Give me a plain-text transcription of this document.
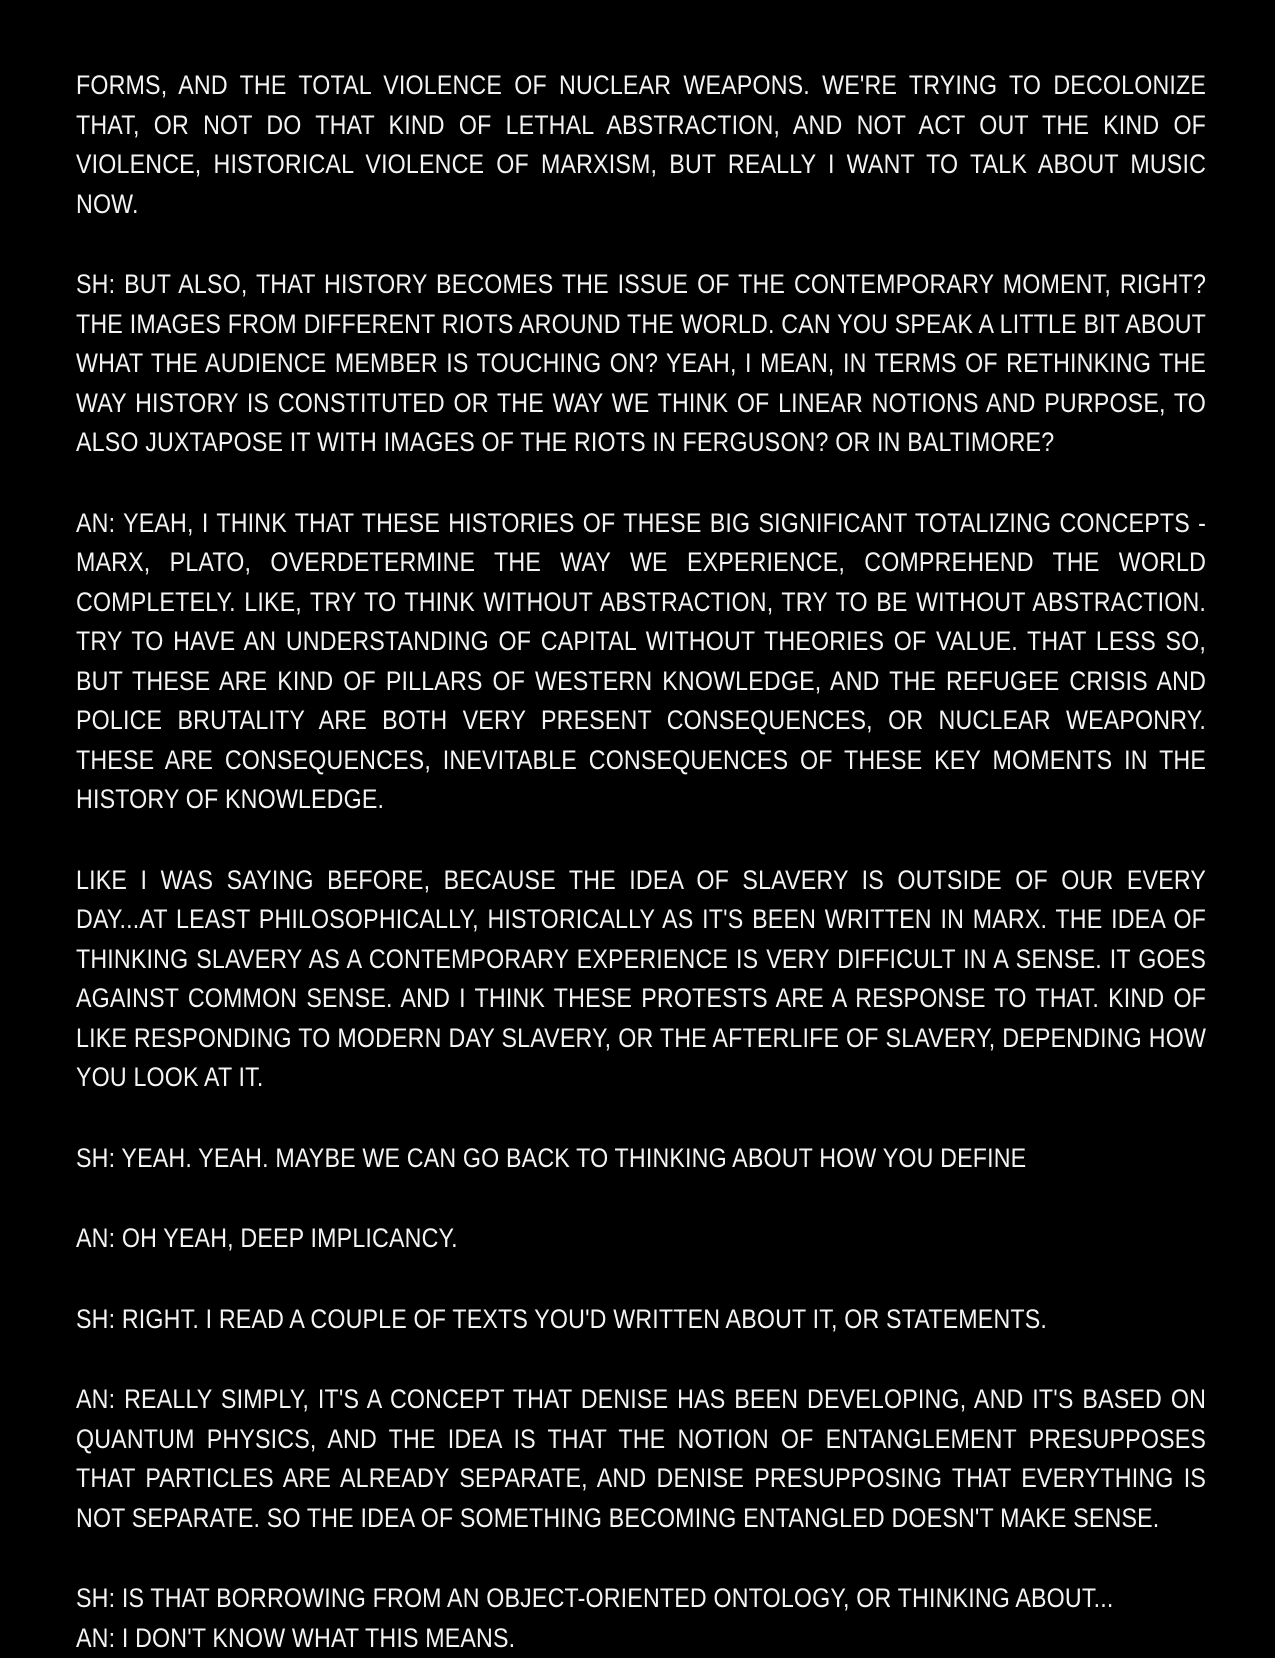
FORMS, AND THE TOTAL VIOLENCE OF NUCLEAR WEAPONS. WE'RE TRYING TO DECOLONIZE THAT, OR NOT DO THAT KIND OF LETHAL ABSTRACTION, AND NOT ACT OUT THE KIND OF VIOLENCE, HISTORICAL VIOLENCE OF MARXISM, BUT REALLY I WANT TO TALK ABOUT MUSIC NOW.

SH: BUT ALSO, THAT HISTORY BECOMES THE ISSUE OF THE CONTEMPORARY MOMENT, RIGHT? THE IMAGES FROM DIFFERENT RIOTS AROUND THE WORLD. CAN YOU SPEAK A LITTLE BIT ABOUT WHAT THE AUDIENCE MEMBER IS TOUCHING ON? YEAH, I MEAN, IN TERMS OF RETHINKING THE WAY HISTORY IS CONSTITUTED OR THE WAY WE THINK OF LINEAR NOTIONS AND PURPOSE, TO ALSO JUXTAPOSE IT WITH IMAGES OF THE RIOTS IN FERGUSON? OR IN BALTIMORE?

AN: YEAH, I THINK THAT THESE HISTORIES OF THESE BIG SIGNIFICANT TOTALIZING CONCEPTS - MARX, PLATO, OVERDETERMINE THE WAY WE EXPERIENCE, COMPREHEND THE WORLD COMPLETELY. LIKE, TRY TO THINK WITHOUT ABSTRACTION, TRY TO BE WITHOUT ABSTRACTION. TRY TO HAVE AN UNDERSTANDING OF CAPITAL WITHOUT THEORIES OF VALUE. THAT LESS SO, BUT THESE ARE KIND OF PILLARS OF WESTERN KNOWLEDGE, AND THE REFUGEE CRISIS AND POLICE BRUTALITY ARE BOTH VERY PRESENT CONSEQUENCES, OR NUCLEAR WEAPONRY. THESE ARE CONSEQUENCES, INEVITABLE CONSEQUENCES OF THESE KEY MOMENTS IN THE HISTORY OF KNOWLEDGE.

LIKE I WAS SAYING BEFORE, BECAUSE THE IDEA OF SLAVERY IS OUTSIDE OF OUR EVERY DAY...AT LEAST PHILOSOPHICALLY, HISTORICALLY AS IT'S BEEN WRITTEN IN MARX. THE IDEA OF THINKING SLAVERY AS A CONTEMPORARY EXPERIENCE IS VERY DIFFICULT IN A SENSE. IT GOES AGAINST COMMON SENSE. AND I THINK THESE PROTESTS ARE A RESPONSE TO THAT. KIND OF LIKE RESPONDING TO MODERN DAY SLAVERY, OR THE AFTERLIFE OF SLAVERY, DEPENDING HOW YOU LOOK AT IT.

SH: YEAH. YEAH. MAYBE WE CAN GO BACK TO THINKING ABOUT HOW YOU DEFINE

AN: OH YEAH, DEEP IMPLICANCY.

SH: RIGHT. I READ A COUPLE OF TEXTS YOU'D WRITTEN ABOUT IT, OR STATEMENTS.

AN: REALLY SIMPLY, IT'S A CONCEPT THAT DENISE HAS BEEN DEVELOPING, AND IT'S BASED ON QUANTUM PHYSICS, AND THE IDEA IS THAT THE NOTION OF ENTANGLEMENT PRESUPPOSES THAT PARTICLES ARE ALREADY SEPARATE, AND DENISE PRESUPPOSING THAT EVERYTHING IS NOT SEPARATE. SO THE IDEA OF SOMETHING BECOMING ENTANGLED DOESN'T MAKE SENSE.

SH: IS THAT BORROWING FROM AN OBJECT-ORIENTED ONTOLOGY, OR THINKING ABOUT...

AN: I DON'T KNOW WHAT THIS MEANS.
